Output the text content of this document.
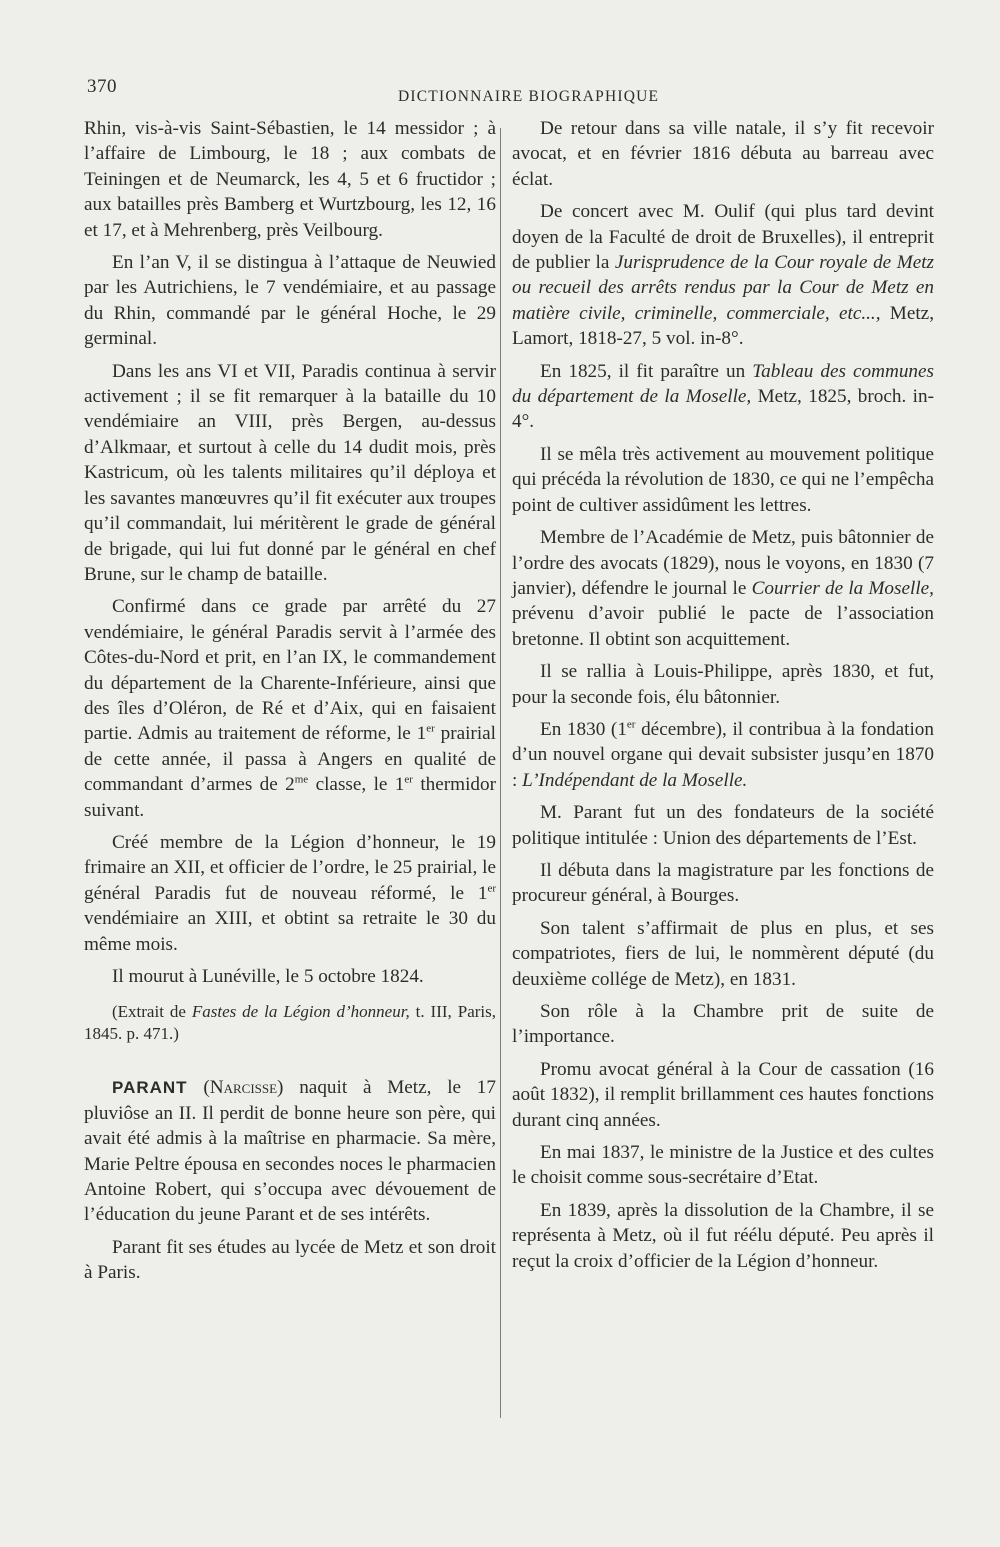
370	DICTIONNAIRE BIOGRAPHIQUE

Rhin, vis-à-vis Saint-Sébastien, le 14 messidor ; à l’affaire de Limbourg, le 18 ; aux combats de Teiningen et de Neumarck, les 4, 5 et 6 fructidor ; aux batailles près Bamberg et Wurtzbourg, les 12, 16 et 17, et à Mehrenberg, près Veilbourg.

En l’an V, il se distingua à l’attaque de Neuwied par les Autrichiens, le 7 vendémiaire, et au passage du Rhin, commandé par le général Hoche, le 29 germinal.

Dans les ans VI et VII, Paradis continua à servir activement ; il se fit remarquer à la bataille du 10 vendémiaire an VIII, près Bergen, au-dessus d’Alkmaar, et surtout à celle du 14 dudit mois, près Kastricum, où les talents militaires qu’il déploya et les savantes manœuvres qu’il fit exécuter aux troupes qu’il commandait, lui méritèrent le grade de général de brigade, qui lui fut donné par le général en chef Brune, sur le champ de bataille.

Confirmé dans ce grade par arrêté du 27 vendémiaire, le général Paradis servit à l’armée des Côtes-du-Nord et prit, en l’an IX, le commandement du département de la Charente-Inférieure, ainsi que des îles d’Oléron, de Ré et d’Aix, qui en faisaient partie. Admis au traitement de réforme, le 1er prairial de cette année, il passa à Angers en qualité de commandant d’armes de $2^{me}$ classe, le 1er thermidor suivant.

Créé membre de la Légion d’honneur, le 19 frimaire an XII, et officier de l’ordre, le 25 prairial, le général Paradis fut de nouveau réformé, le 1er vendémiaire an XIII, et obtint sa retraite le 30 du même mois.

Il mourut à Lunéville, le 5 octobre 1824.

(Extrait de Fastes de la Légion d’honneur, t. III, Paris, 1845. p. 471.)

PARANT (Narcisse) naquit à Metz, le 17 pluviôse an II. Il perdit de bonne heure son père, qui avait été admis à la maîtrise en pharmacie. Sa mère, Marie Peltre épousa en secondes noces le pharmacien Antoine Robert, qui s’occupa avec dévouement de l’éducation du jeune Parant et de ses intérêts.

Parant fit ses études au lycée de Metz et son droit à Paris.

De retour dans sa ville natale, il s’y fit recevoir avocat, et en février 1816 débuta au barreau avec éclat.

De concert avec M. Oulif (qui plus tard devint doyen de la Faculté de droit de Bruxelles), il entreprit de publier la Jurisprudence de la Cour royale de Metz ou recueil des arrêts rendus par la Cour de Metz en matière civile, criminelle, commerciale, etc..., Metz, Lamort, 1818-27, 5 vol. in-8°.

En 1825, il fit paraître un Tableau des communes du département de la Moselle, Metz, 1825, broch. in-4°.

Il se mêla très activement au mouvement politique qui précéda la révolution de 1830, ce qui ne l’empêcha point de cultiver assidûment les lettres.

Membre de l’Académie de Metz, puis bâtonnier de l’ordre des avocats (1829), nous le voyons, en 1830 (7 janvier), défendre le journal le Courrier de la Moselle, prévenu d’avoir publié le pacte de l’association bretonne. Il obtint son acquittement.

Il se rallia à Louis-Philippe, après 1830, et fut, pour la seconde fois, élu bâtonnier.

En 1830 (1er décembre), il contribua à la fondation d’un nouvel organe qui devait subsister jusqu’en 1870 : L’Indépendant de la Moselle.

M. Parant fut un des fondateurs de la société politique intitulée : Union des départements de l’Est.

Il débuta dans la magistrature par les fonctions de procureur général, à Bourges.

Son talent s’affirmait de plus en plus, et ses compatriotes, fiers de lui, le nommèrent député (du deuxième collége de Metz), en 1831.

Son rôle à la Chambre prit de suite de l’importance.

Promu avocat général à la Cour de cassation (16 août 1832), il remplit brillamment ces hautes fonctions durant cinq années.

En mai 1837, le ministre de la Justice et des cultes le choisit comme sous-secrétaire d’Etat.

En 1839, après la dissolution de la Chambre, il se représenta à Metz, où il fut réélu député. Peu après il reçut la croix d’officier de la Légion d’honneur.
